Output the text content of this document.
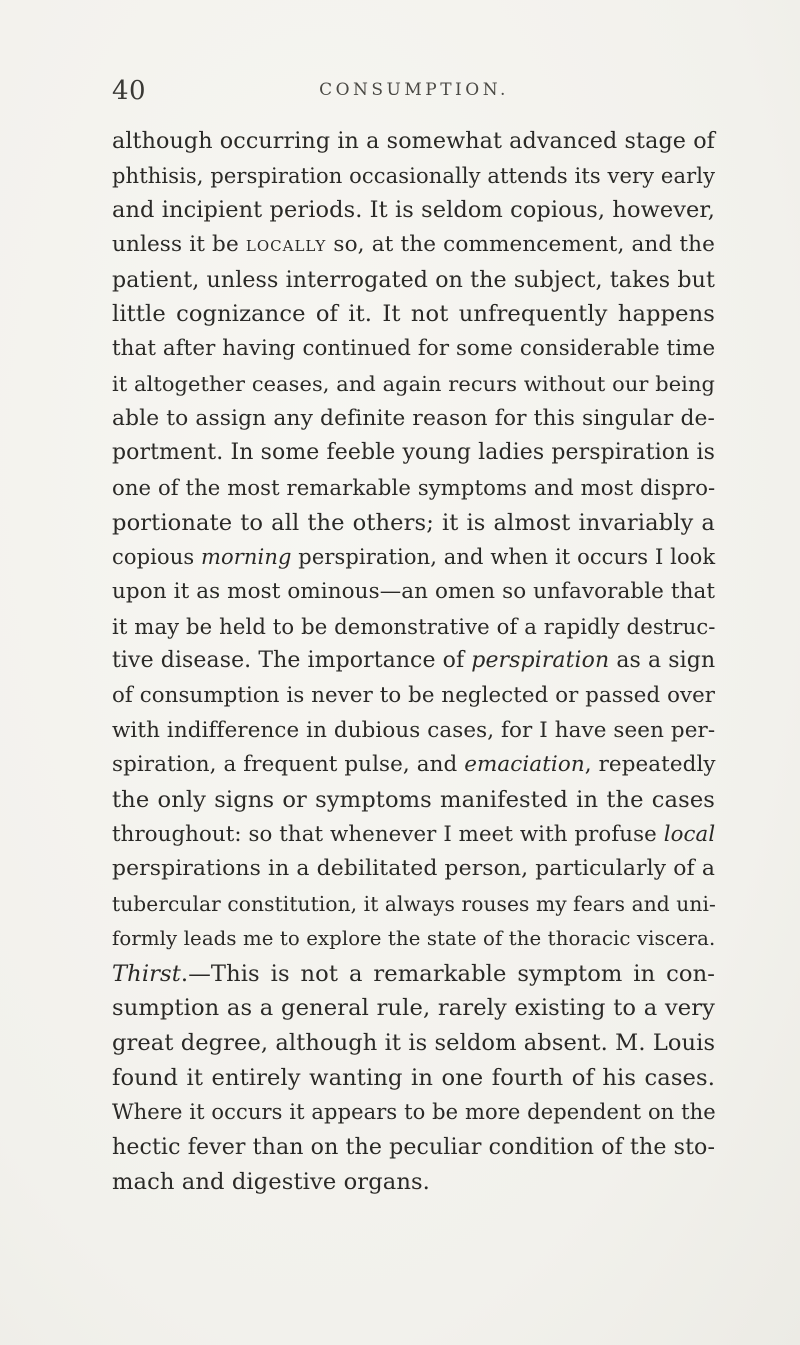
40	CONSUMPTION.
although occurring in a somewhat advanced stage of
phthisis, perspiration occasionally attends its very early
and incipient periods. It is seldom copious, however,
unless it be locally so, at the commencement, and the
patient, unless interrogated on the subject, takes but
little cognizance of it. It not unfrequently happens
that after having continued for some considerable time
it altogether ceases, and again recurs without our being
able to assign any definite reason for this singular de-
portment. In some feeble young ladies perspiration is
one of the most remarkable symptoms and most dispro-
portionate to all the others; it is almost invariably a
copious morning perspiration, and when it occurs I look
upon it as most ominous—an omen so unfavorable that
it may be held to be demonstrative of a rapidly destruc-
tive disease. The importance of perspiration as a sign
of consumption is never to be neglected or passed over
with indifference in dubious cases, for I have seen per-
spiration, a frequent pulse, and emaciation, repeatedly
the only signs or symptoms manifested in the cases
throughout: so that whenever I meet with profuse local
perspirations in a debilitated person, particularly of a
tubercular constitution, it always rouses my fears and uni-
formly leads me to explore the state of the thoracic viscera.
Thirst.—This is not a remarkable symptom in con-
sumption as a general rule, rarely existing to a very
great degree, although it is seldom absent. M. Louis
found it entirely wanting in one fourth of his cases.
Where it occurs it appears to be more dependent on the
hectic fever than on the peculiar condition of the sto-
mach and digestive organs.
